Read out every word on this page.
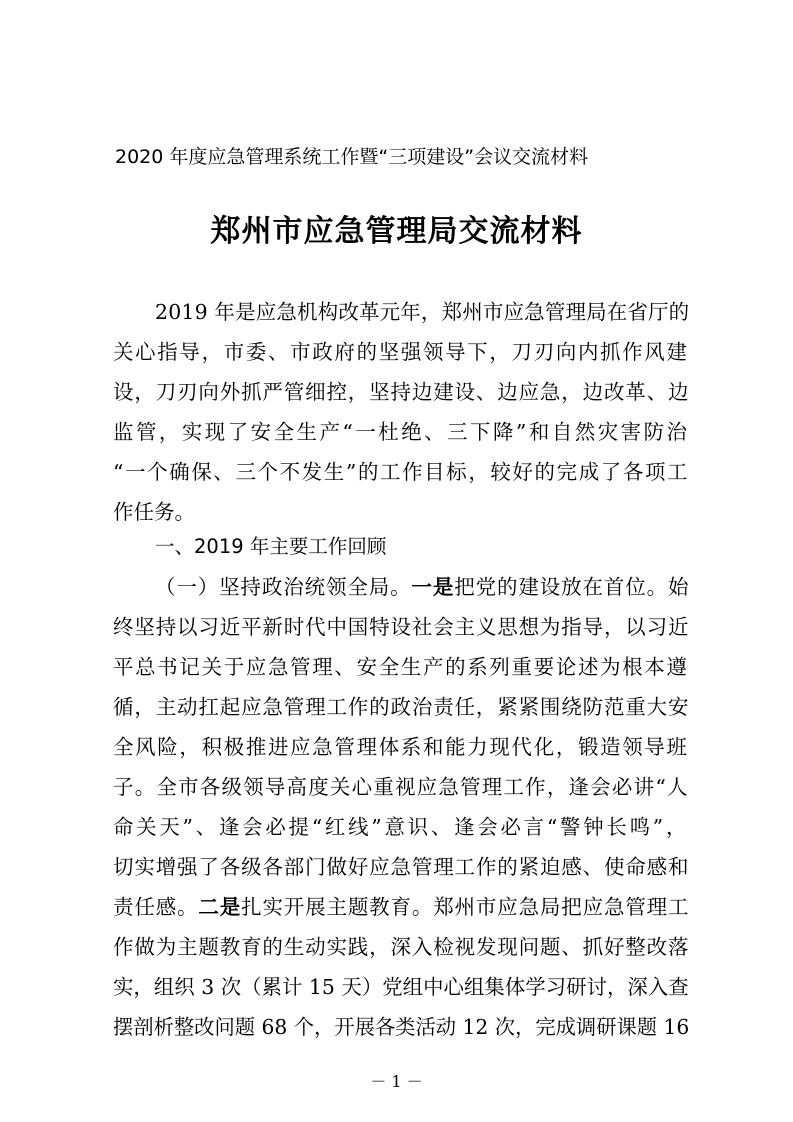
2020 年度应急管理系统工作暨“三项建设”会议交流材料
郑州市应急管理局交流材料
2019 年是应急机构改革元年，郑州市应急管理局在省厅的
关心指导，市委、市政府的坚强领导下，刀刃向内抓作风建
设，刀刃向外抓严管细控，坚持边建设、边应急，边改革、边
监管，实现了安全生产“一杜绝、三下降”和自然灾害防治
“一个确保、三个不发生”的工作目标，较好的完成了各项工
作任务。
一、2019 年主要工作回顾
（一）坚持政治统领全局。一是把党的建设放在首位。始
终坚持以习近平新时代中国特设社会主义思想为指导，以习近
平总书记关于应急管理、安全生产的系列重要论述为根本遵
循，主动扛起应急管理工作的政治责任，紧紧围绕防范重大安
全风险，积极推进应急管理体系和能力现代化，锻造领导班
子。全市各级领导高度关心重视应急管理工作，逢会必讲“人
命关天”、逢会必提“红线”意识、逢会必言“警钟长鸣”，
切实增强了各级各部门做好应急管理工作的紧迫感、使命感和
责任感。二是扎实开展主题教育。郑州市应急局把应急管理工
作做为主题教育的生动实践，深入检视发现问题、抓好整改落
实，组织 3 次（累计 15 天）党组中心组集体学习研讨，深入查
摆剖析整改问题 68 个，开展各类活动 12 次，完成调研课题 16
－ 1 －
